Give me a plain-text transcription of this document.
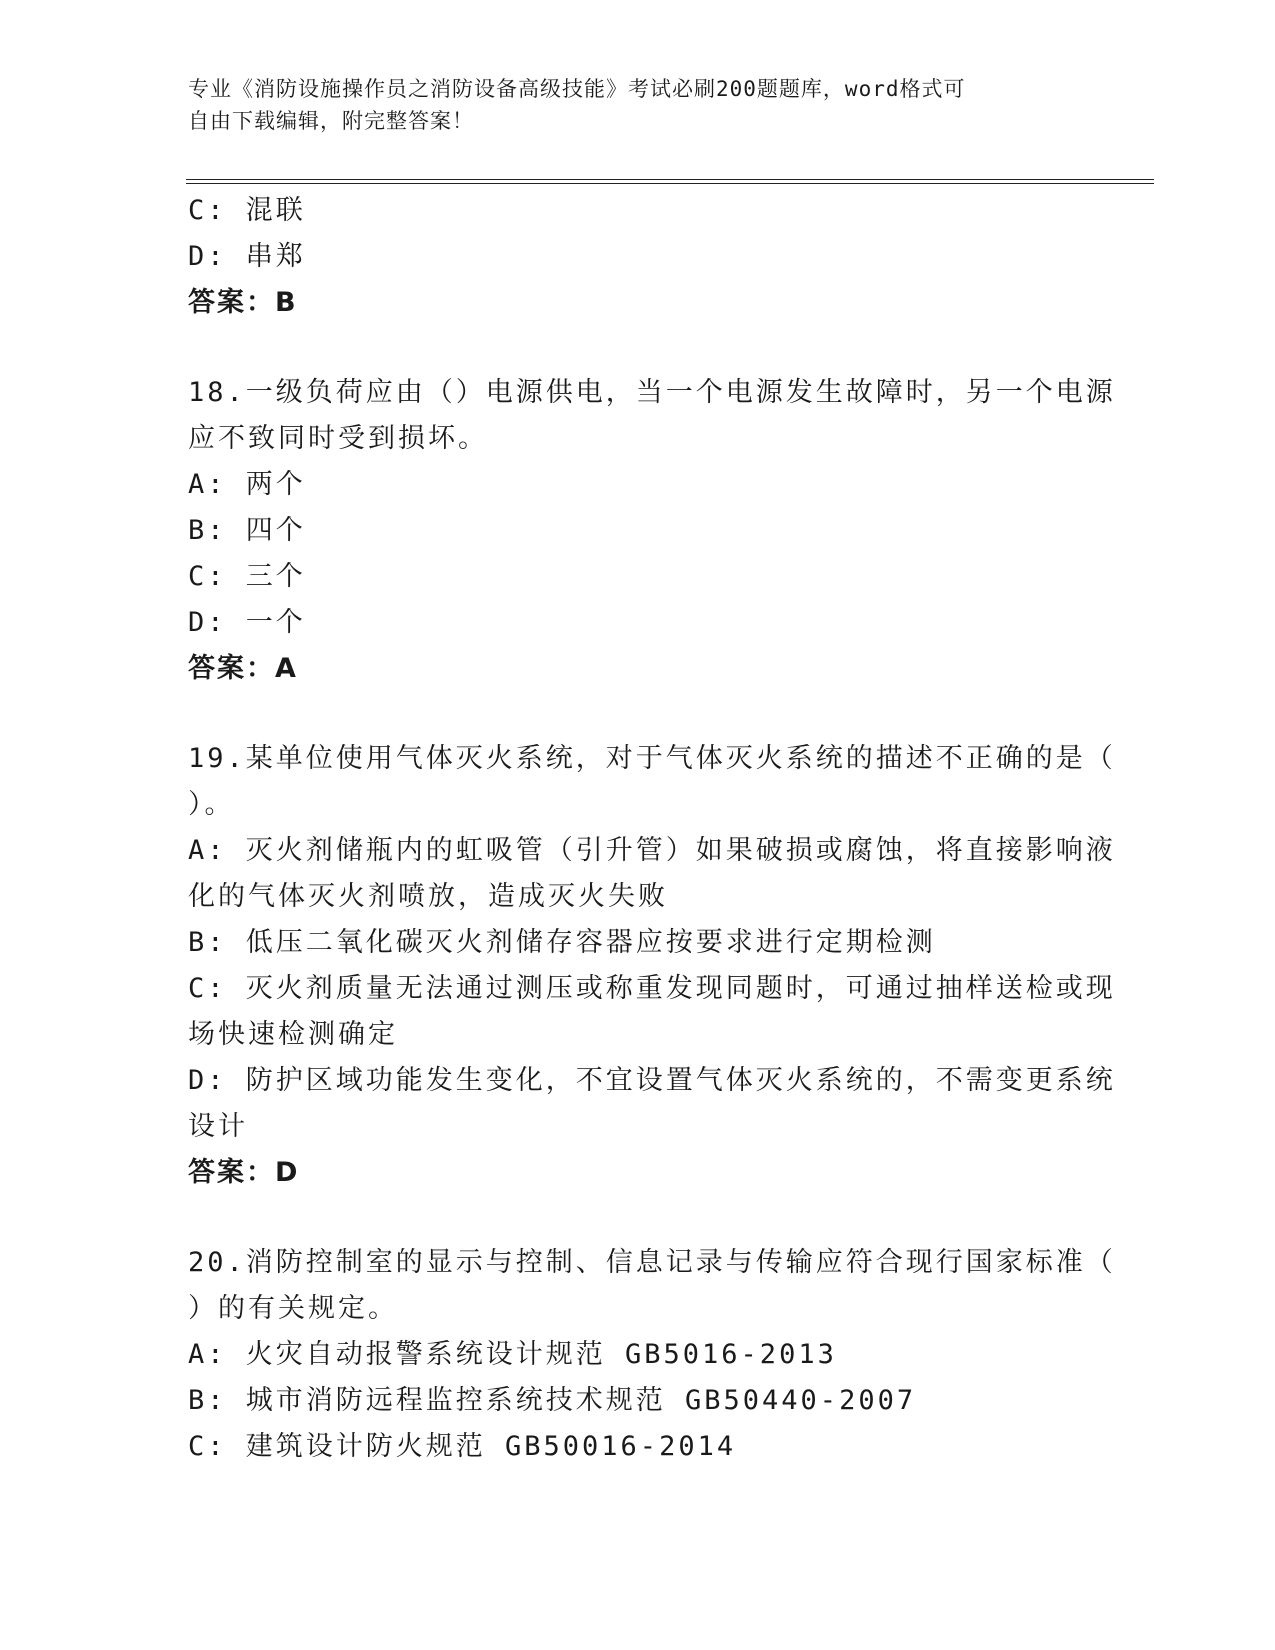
专业《消防设施操作员之消防设备高级技能》考试必刷200题题库，word格式可
自由下载编辑，附完整答案！
C: 混联
D: 串郑
答案：B
18.一级负荷应由（）电源供电，当一个电源发生故障时，另一个电源
应不致同时受到损坏。
A: 两个
B: 四个
C: 三个
D: 一个
答案：A
19.某单位使用气体灭火系统，对于气体灭火系统的描述不正确的是（
）。
A: 灭火剂储瓶内的虹吸管（引升管）如果破损或腐蚀，将直接影响液
化的气体灭火剂喷放，造成灭火失败
B: 低压二氧化碳灭火剂储存容器应按要求进行定期检测
C: 灭火剂质量无法通过测压或称重发现同题时，可通过抽样送检或现
场快速检测确定
D: 防护区域功能发生变化，不宜设置气体灭火系统的，不需变更系统
设计
答案：D
20.消防控制室的显示与控制、信息记录与传输应符合现行国家标准（
）的有关规定。
A: 火灾自动报警系统设计规范 GB5016-2013
B: 城市消防远程监控系统技术规范 GB50440-2007
C: 建筑设计防火规范 GB50016-2014
